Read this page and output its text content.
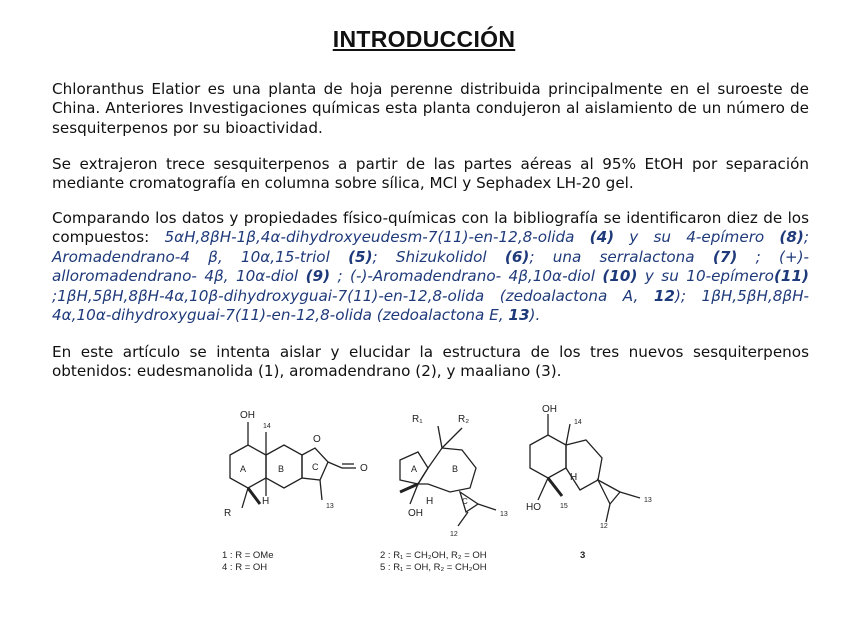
INTRODUCCIÓN

Chloranthus Elatior es una planta de hoja perenne distribuida principalmente en el suroeste de China. Anteriores Investigaciones químicas esta planta condujeron al aislamiento de un número de sesquiterpenos por su bioactividad.

Se extrajeron trece sesquiterpenos a partir de las partes aéreas al 95% EtOH por separación mediante cromatografía en columna sobre sílica, MCl y Sephadex LH-20 gel.

Comparando los datos y propiedades físico-químicas con la bibliografía se identificaron diez de los compuestos: 5αH,8βH-1β,4α-dihydroxyeudesm-7(11)-en-12,8-olida (4) y su 4-epímero (8); Aromadendrano-4 β, 10α,15-triol (5); Shizukolidol (6); una serralactona (7) ; (+)-alloromadendrano- 4β, 10α-diol (9) ; (-)-Aromadendrano- 4β,10α-diol (10) y su 10-epímero(11) ;1βH,5βH,8βH-4α,10β-dihydroxyguai-7(11)-en-12,8-olida (zedoalactona A, 12); 1βH,5βH,8βH-4α,10α-dihydroxyguai-7(11)-en-12,8-olida (zedoalactona E, 13).

En este artículo se intenta aislar y elucidar la estructura de los tres nuevos sesquiterpenos obtenidos: eudesmanolida (1), aromadendrano (2), y maaliano (3).

OH
14
A	B	C
O
O
R
H	13
R₁	R₂
A	B
C
OH
H
12
13
OH
14
HO	15
12
13
H
1 : R = OMe
4 : R = OH
2 : R₁ = CH₂OH, R₂ = OH
5 : R₁ = OH, R₂ = CH₂OH
3
